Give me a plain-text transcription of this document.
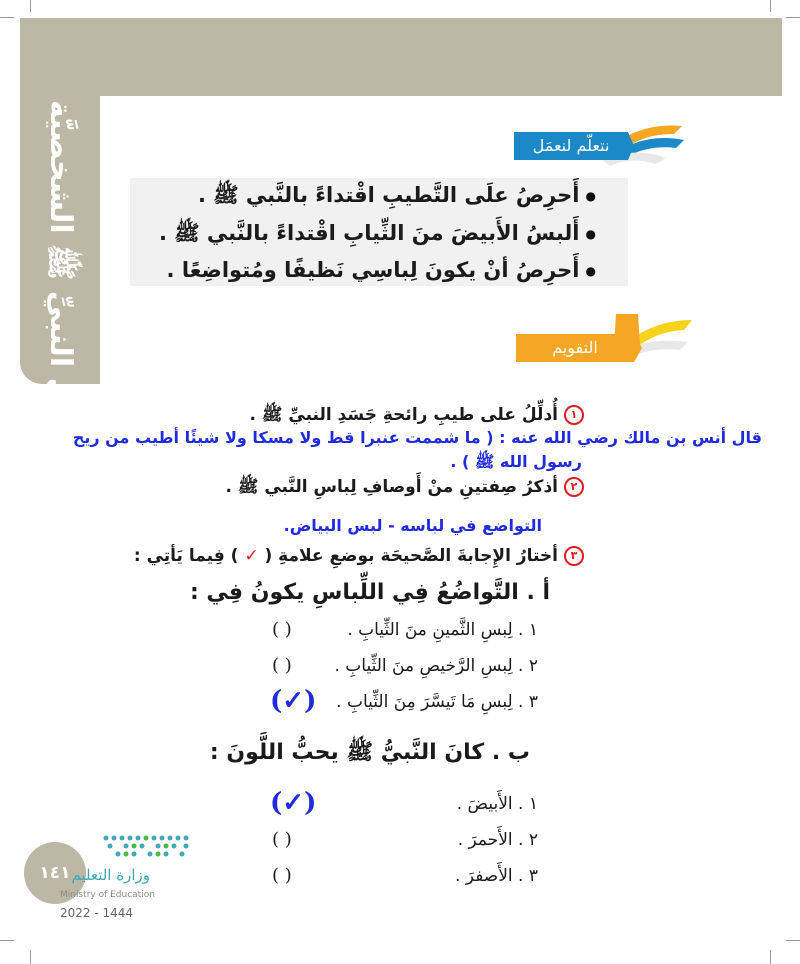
أحوال النبيِّ ﷺ الشخصيَّة	نتعلّم لنعمَل
● أَحرِصُ علَى التَّطيبِ اقْتداءً بالنَّبي ﷺ .
● أَلبسُ الأَبيضَ منَ الثِّيابِ اقْتداءً بالنَّبي ﷺ .
● أَحرِصُ أنْ يكونَ لِباسِي نَظيفًا ومُتواضِعًا .
التقويم
١أُدلِّلُ على طيبِ رائحةِ جَسَدِ النبيِّ ﷺ .
قال أنس بن مالك رضي الله عنه : ( ما شممت عنبرا قط ولا مسكا ولا شيئًا أطيب من ريح
رسول الله ﷺ ) .
٢أذكرُ صِفتينِ منْ أَوصافِ لِباسِ النَّبي ﷺ .
التواضع في لباسه - لبس البياض.
٣أختارُ الإِجابةَ الصَّحيحَة بوضعِ علامةِ ( ✓ ) فِيما يَأتِي :
أ . التَّواضُعُ فِي اللِّباسِ يكونُ فِي :
١ . لِبسِ الثَّمينِ منَ الثِّيابِ .
( )
٢ . لِبسِ الرَّخيصِ منَ الثِّيابِ .
( )
٣ . لِبسِ مَا تَيسَّرَ مِنَ الثِّيابِ .
(✓)
ب . كانَ النَّبيُّ ﷺ يحبُّ اللَّونَ :
١ . الأَبيضَ .
(✓)
٢ . الأَحمرَ .
( )
٣ . الأَصفرَ .
( )
١٤١ وزارة التعليم
Ministry of Education
2022 - 1444
